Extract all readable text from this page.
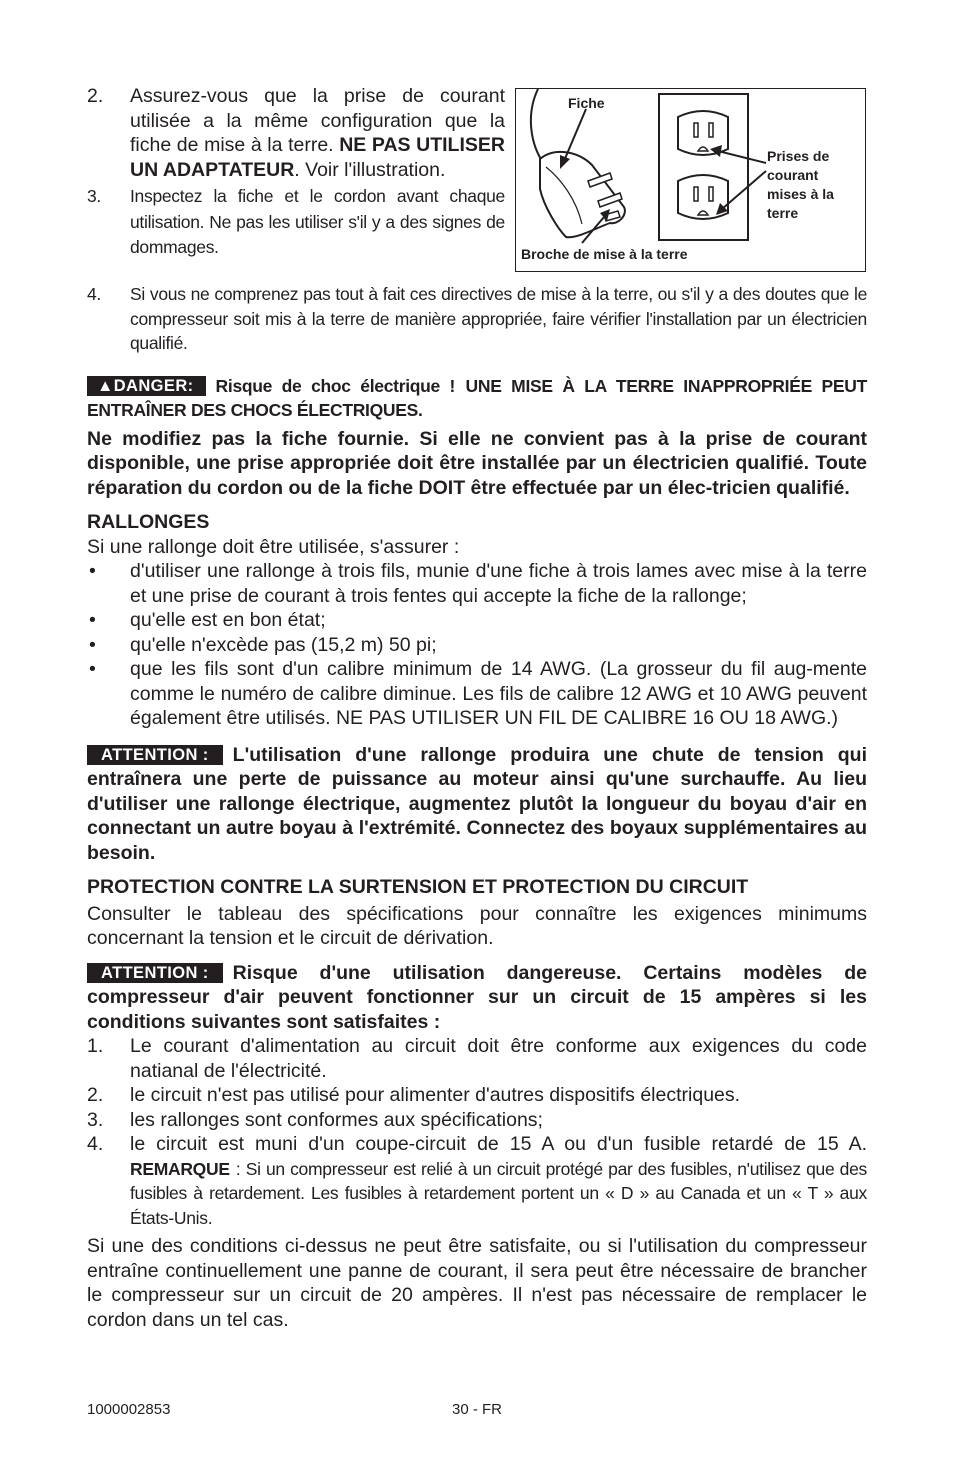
2. Assurez-vous que la prise de courant utilisée a la même configuration que la fiche de mise à la terre. NE PAS UTILISER UN ADAPTATEUR. Voir l'illustration.

3. Inspectez la fiche et le cordon avant chaque utilisation. Ne pas les utiliser s'il y a des signes de dommages.

Fiche
Prises de courant mises à la terre
Broche de mise à la terre

4. Si vous ne comprenez pas tout à fait ces directives de mise à la terre, ou s'il y a des doutes que le compresseur soit mis à la terre de manière appropriée, faire vérifier l'installation par un électricien qualifié.

▲DANGER: Risque de choc électrique ! UNE MISE À LA TERRE INAPPROPRIÉE PEUT ENTRAÎNER DES CHOCS ÉLECTRIQUES.

Ne modifiez pas la fiche fournie. Si elle ne convient pas à la prise de courant disponible, une prise appropriée doit être installée par un électricien qualifié. Toute réparation du cordon ou de la fiche DOIT être effectuée par un élec-tricien qualifié.

RALLONGES

Si une rallonge doit être utilisée, s'assurer :

• d'utiliser une rallonge à trois fils, munie d'une fiche à trois lames avec mise à la terre et une prise de courant à trois fentes qui accepte la fiche de la rallonge;

• qu'elle est en bon état;

• qu'elle n'excède pas (15,2 m) 50 pi;

• que les fils sont d'un calibre minimum de 14 AWG. (La grosseur du fil aug-mente comme le numéro de calibre diminue. Les fils de calibre 12 AWG et 10 AWG peuvent également être utilisés. NE PAS UTILISER UN FIL DE CALIBRE 16 OU 18 AWG.)

ATTENTION : L'utilisation d'une rallonge produira une chute de tension qui entraînera une perte de puissance au moteur ainsi qu'une surchauffe. Au lieu d'utiliser une rallonge électrique, augmentez plutôt la longueur du boyau d'air en connectant un autre boyau à l'extrémité. Connectez des boyaux supplémentaires au besoin.

PROTECTION CONTRE LA SURTENSION ET PROTECTION DU CIRCUIT

Consulter le tableau des spécifications pour connaître les exigences minimums concernant la tension et le circuit de dérivation.

ATTENTION : Risque d'une utilisation dangereuse. Certains modèles de compresseur d'air peuvent fonctionner sur un circuit de 15 ampères si les conditions suivantes sont satisfaites :

1. Le courant d'alimentation au circuit doit être conforme aux exigences du code natianal de l'électricité.

2. le circuit n'est pas utilisé pour alimenter d'autres dispositifs électriques.

3. les rallonges sont conformes aux spécifications;

4. le circuit est muni d'un coupe-circuit de 15 A ou d'un fusible retardé de 15 A. REMARQUE : Si un compresseur est relié à un circuit protégé par des fusibles, n'utilisez que des fusibles à retardement. Les fusibles à retardement portent un « D » au Canada et un « T » aux États-Unis.

Si une des conditions ci-dessus ne peut être satisfaite, ou si l'utilisation du compresseur entraîne continuellement une panne de courant, il sera peut être nécessaire de brancher le compresseur sur un circuit de 20 ampères. Il n'est pas nécessaire de remplacer le cordon dans un tel cas.

1000002853	30 - FR
